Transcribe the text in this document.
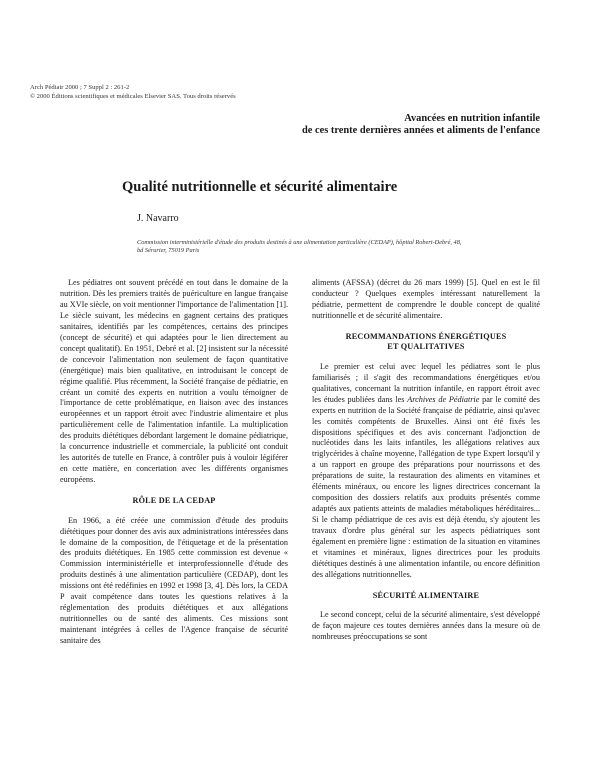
Arch Pédiatr 2000 ; 7 Suppl 2 : 261-2
© 2000 Éditions scientifiques et médicales Elsevier SAS. Tous droits réservés
Avancées en nutrition infantile
de ces trente dernières années et aliments de l'enfance
Qualité nutritionnelle et sécurité alimentaire
J. Navarro
Commission interministérielle d'étude des produits destinés à une alimentation particulière (CEDAP), hôpital Robert-Debré, 48, bd Sérurier, 75019 Paris

Les pédiatres ont souvent précédé en tout dans le domaine de la nutrition. Dès les premiers traités de puériculture en langue française au XVIe siècle, on voit mentionner l'importance de l'alimentation [1]. Le siècle suivant, les médecins en gagnent certains des pratiques sanitaires, identifiés par les compétences, certains des principes (concept de sécurité) et qui adaptées pour le lien directement au concept qualitatif). En 1951, Debré et al. [2] insistent sur la nécessité de concevoir l'alimentation non seulement de façon quantitative (énergétique) mais bien qualitative, en introduisant le concept de régime qualifié. Plus récemment, la Société française de pédiatrie, en créant un comité des experts en nutrition a voulu témoigner de l'importance de cette problématique, en liaison avec des instances européennes et un rapport étroit avec l'industrie alimentaire et plus particulièrement celle de l'alimentation infantile. La multiplication des produits diététiques débordant largement le domaine pédiatrique, la concurrence industrielle et commerciale, la publicité ont conduit les autorités de tutelle en France, à contrôler puis à vouloir légiférer en cette matière, en concertation avec les différents organismes européens.

RÔLE DE LA CEDAP

En 1966, a été créée une commission d'étude des produits diététiques pour donner des avis aux administrations intéressées dans le domaine de la composition, de l'étiquetage et de la présentation des produits diététiques. En 1985 cette commission est devenue « Commission interministérielle et interprofessionnelle d'étude des produits destinés à une alimentation particulière (CEDAP), dont les missions ont été redéfinies en 1992 et 1998 [3, 4]. Dès lors, la CEDA P avait compétence dans toutes les questions relatives à la réglementation des produits diététiques et aux allégations nutritionnelles ou de santé des aliments. Ces missions sont maintenant intégrées à celles de l'Agence française de sécurité sanitaire des

aliments (AFSSA) (décret du 26 mars 1999) [5]. Quel en est le fil conducteur ? Quelques exemples intéressant naturellement la pédiatrie, permettent de comprendre le double concept de qualité nutritionnelle et de sécurité alimentaire.

RECOMMANDATIONS ÉNERGÉTIQUES
ET QUALITATIVES

Le premier est celui avec lequel les pédiatres sont le plus familiarisés ; il s'agit des recommandations énergétiques et/ou qualitatives, concernant la nutrition infantile, en rapport étroit avec les études publiées dans les Archives de Pédiatrie par le comité des experts en nutrition de la Société française de pédiatrie, ainsi qu'avec les comités compétents de Bruxelles. Ainsi ont été fixés les dispositions spécifiques et des avis concernant l'adjonction de nucléotides dans les laits infantiles, les allégations relatives aux triglycérides à chaîne moyenne, l'allégation de type Expert lorsqu'il y a un rapport en groupe des préparations pour nourrissons et des préparations de suite, la restauration des aliments en vitamines et éléments minéraux, ou encore les lignes directrices concernant la composition des dossiers relatifs aux produits présentés comme adaptés aux patients atteints de maladies métaboliques héréditaires... Si le champ pédiatrique de ces avis est déjà étendu, s'y ajoutent les travaux d'ordre plus général sur les aspects pédiatriques sont également en première ligne : estimation de la situation en vitamines et vitamines et minéraux, lignes directrices pour les produits diététiques destinés à une alimentation infantile, ou encore définition des allégations nutritionnelles.

SÉCURITÉ ALIMENTAIRE

Le second concept, celui de la sécurité alimentaire, s'est développé de façon majeure ces toutes dernières années dans la mesure où de nombreuses préoccupations se sont
